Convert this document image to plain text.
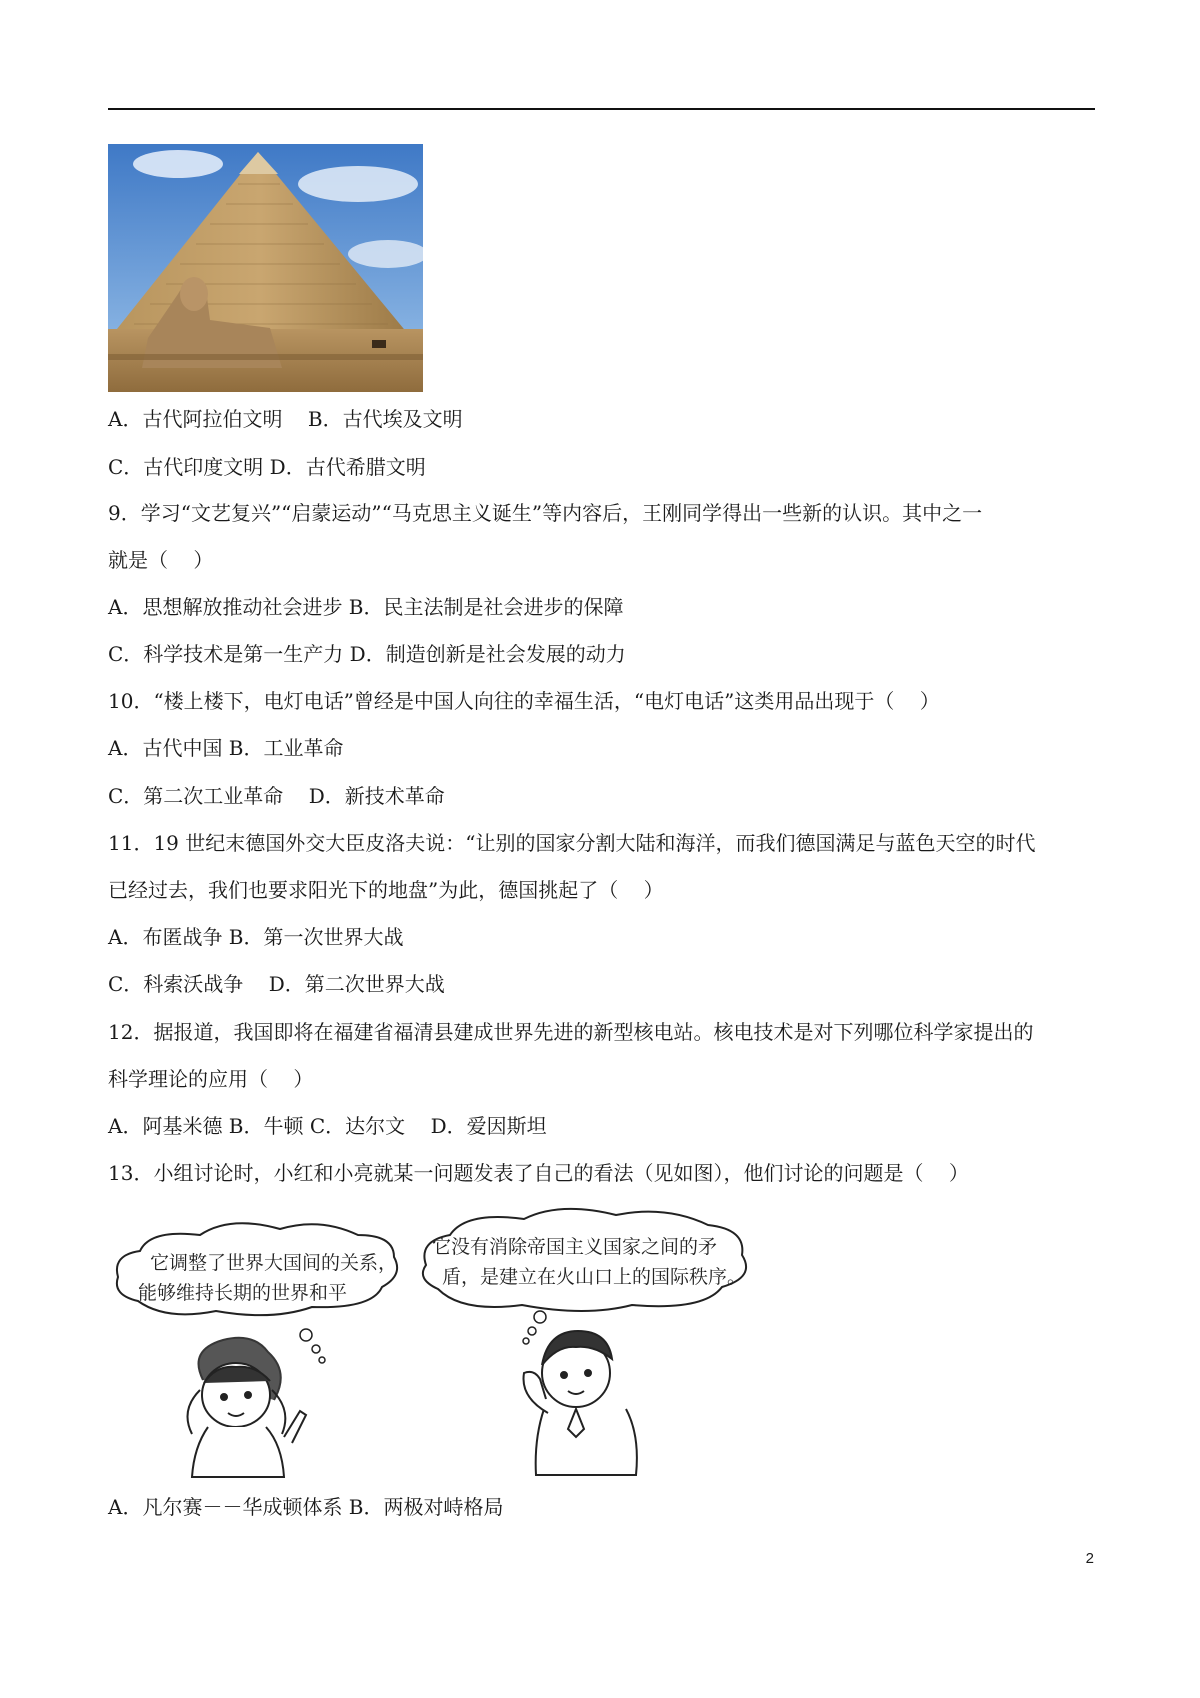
A．古代阿拉伯文明    B．古代埃及文明
C．古代印度文明 D．古代希腊文明
9．学习“文艺复兴”“启蒙运动”“马克思主义诞生”等内容后，王刚同学得出一些新的认识。其中之一
就是（    ）
A．思想解放推动社会进步 B．民主法制是社会进步的保障
C．科学技术是第一生产力 D．制造创新是社会发展的动力
10．“楼上楼下，电灯电话”曾经是中国人向往的幸福生活，“电灯电话”这类用品出现于（    ）
A．古代中国 B．工业革命
C．第二次工业革命    D．新技术革命
11．19 世纪末德国外交大臣皮洛夫说：“让别的国家分割大陆和海洋，而我们德国满足与蓝色天空的时代
已经过去，我们也要求阳光下的地盘”为此，德国挑起了（    ）
A．布匿战争 B．第一次世界大战
C．科索沃战争    D．第二次世界大战
12．据报道，我国即将在福建省福清县建成世界先进的新型核电站。核电技术是对下列哪位科学家提出的
科学理论的应用（    ）
A．阿基米德 B．牛顿 C．达尔文    D．爱因斯坦
13．小组讨论时，小红和小亮就某一问题发表了自己的看法（见如图），他们讨论的问题是（    ）
它调整了世界大国间的关系，
能够维持长期的世界和平
它没有消除帝国主义国家之间的矛
盾，是建立在火山口上的国际秩序。
A．凡尔赛－－华成顿体系 B．两极对峙格局
2
